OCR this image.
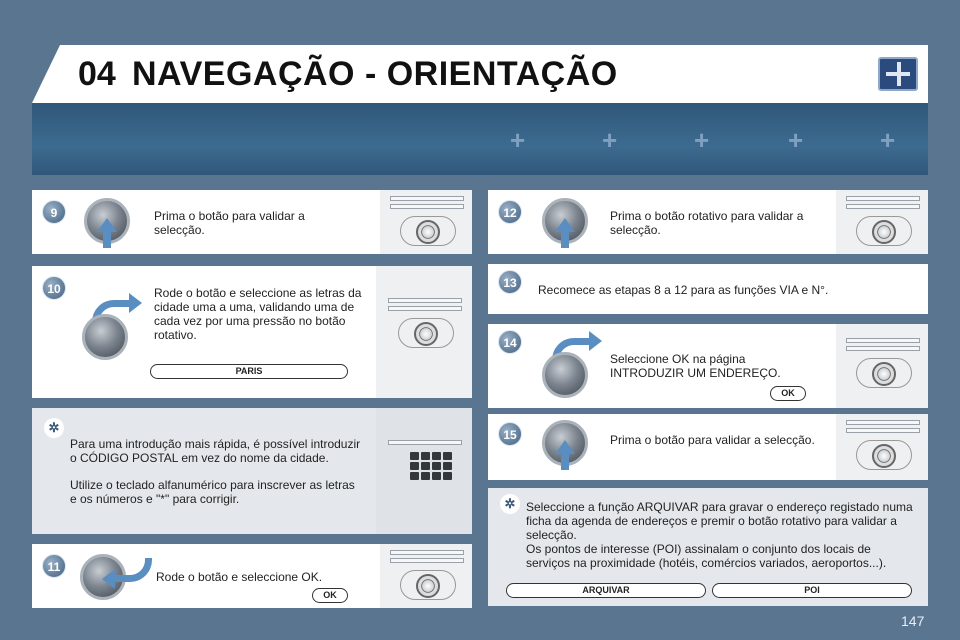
04 NAVEGAÇÃO - ORIENTAÇÃO
+	+	+	+	+
9	Prima o botão para validar a selecção.
10	Rode o botão e seleccione as letras da cidade uma a uma, validando uma de cada vez por uma pressão no botão rotativo.
PARIS
✲
Para uma introdução mais rápida, é possível introduzir o CÓDIGO POSTAL em vez do nome da cidade.
Utilize o teclado alfanumérico para inscrever as letras e os números e "*" para corrigir.
11
Rode o botão e seleccione OK.
OK
12	Prima o botão rotativo para validar a selecção.
13	Recomece as etapas 8 a 12 para as funções VIA e N°.
14
Seleccione OK na página INTRODUZIR UM ENDEREÇO.
OK
15	Prima o botão para validar a selecção.
✲ Seleccione a função ARQUIVAR para gravar o endereço registado numa ficha da agenda de endereços e premir o botão rotativo para validar a selecção.
Os pontos de interesse (POI) assinalam o conjunto dos locais de serviços na proximidade (hotéis, comércios variados, aeroportos...).
ARQUIVAR	POI
147
